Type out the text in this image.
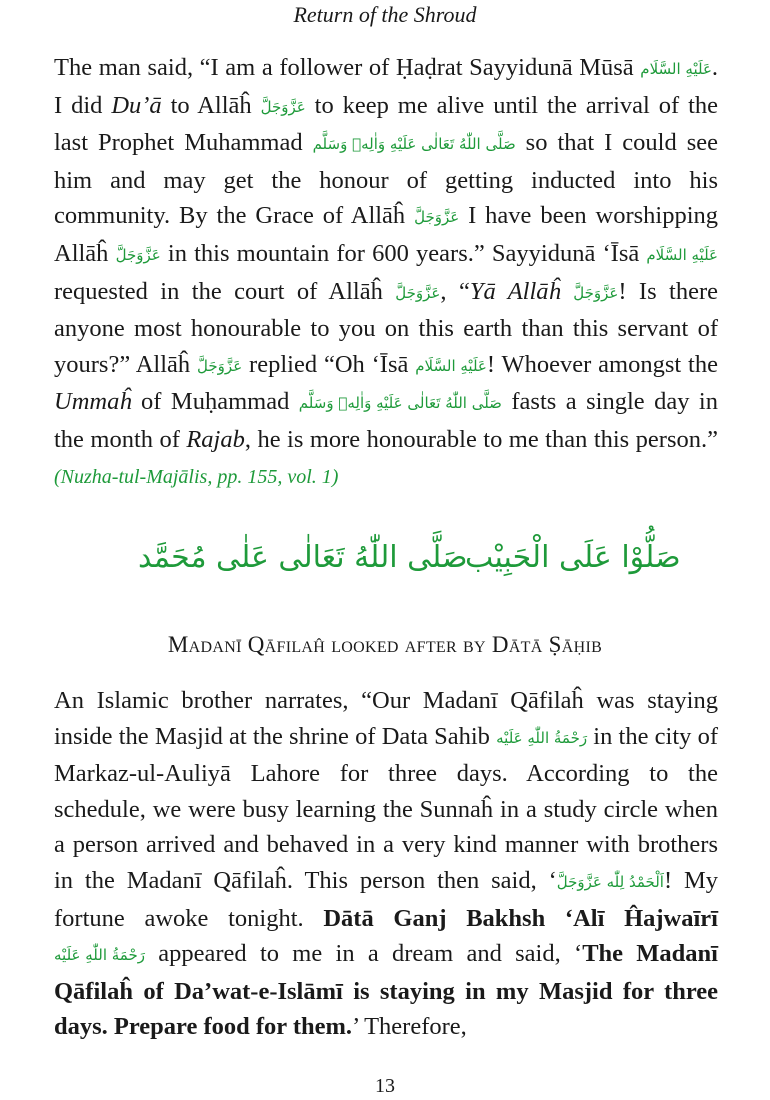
Return of the Shroud

The man said, “I am a follower of Ḥaḍrat Sayyidunā Mūsā عَلَیْهِ السَّلَام. I did Du’ā to Allāĥ عَزَّوَجَلَّ to keep me alive until the arrival of the last Prophet Muhammad صَلَّی اللّٰهُ تَعَالٰی عَلَیْهِ وَاٰلِهٖ وَسَلَّم so that I could see him and may get the honour of getting inducted into his community. By the Grace of Allāĥ عَزَّوَجَلَّ I have been worshipping Allāĥ عَزَّوَجَلَّ in this mountain for 600 years.” Sayyidunā ‘Īsā عَلَیْهِ السَّلَام requested in the court of Allāĥ عَزَّوَجَلَّ, “Yā Allāĥ عَزَّوَجَلَّ! Is there anyone most honourable to you on this earth than this servant of yours?” Allāĥ عَزَّوَجَلَّ replied “Oh ‘Īsā عَلَیْهِ السَّلَام! Whoever amongst the Ummaĥ of Muḥammad صَلَّی اللّٰهُ تَعَالٰی عَلَیْهِ وَاٰلِهٖ وَسَلَّم fasts a single day in the month of Rajab, he is more honourable to me than this person.” (Nuzha-tul-Majālis, pp. 155, vol. 1)

صَلَّی اللّٰهُ تَعَالٰی عَلٰی مُحَمَّد
صَلُّوْا عَلَی الْحَبِیْب
Madanī Qāfilaĥ looked after by Dātā Ṣāḥib

An Islamic brother narrates, “Our Madanī Qāfilaĥ was staying inside the Masjid at the shrine of Data Sahib رَحْمَةُ اللّٰهِ عَلَیْه in the city of Markaz-ul-Auliyā Lahore for three days. According to the schedule, we were busy learning the Sunnaĥ in a study circle when a person arrived and behaved in a very kind manner with brothers in the Madanī Qāfilaĥ. This person then said, ‘اَلْحَمْدُ لِلّٰه عَزَّوَجَلَّ! My fortune awoke tonight. Dātā Ganj Bakhsh ‘Alī Ĥajwaīrī رَحْمَةُ اللّٰهِ عَلَیْه appeared to me in a dream and said, ‘The Madanī Qāfilaĥ of Da’wat-e-Islāmī is staying in my Masjid for three days. Prepare food for them.’ Therefore,

13
